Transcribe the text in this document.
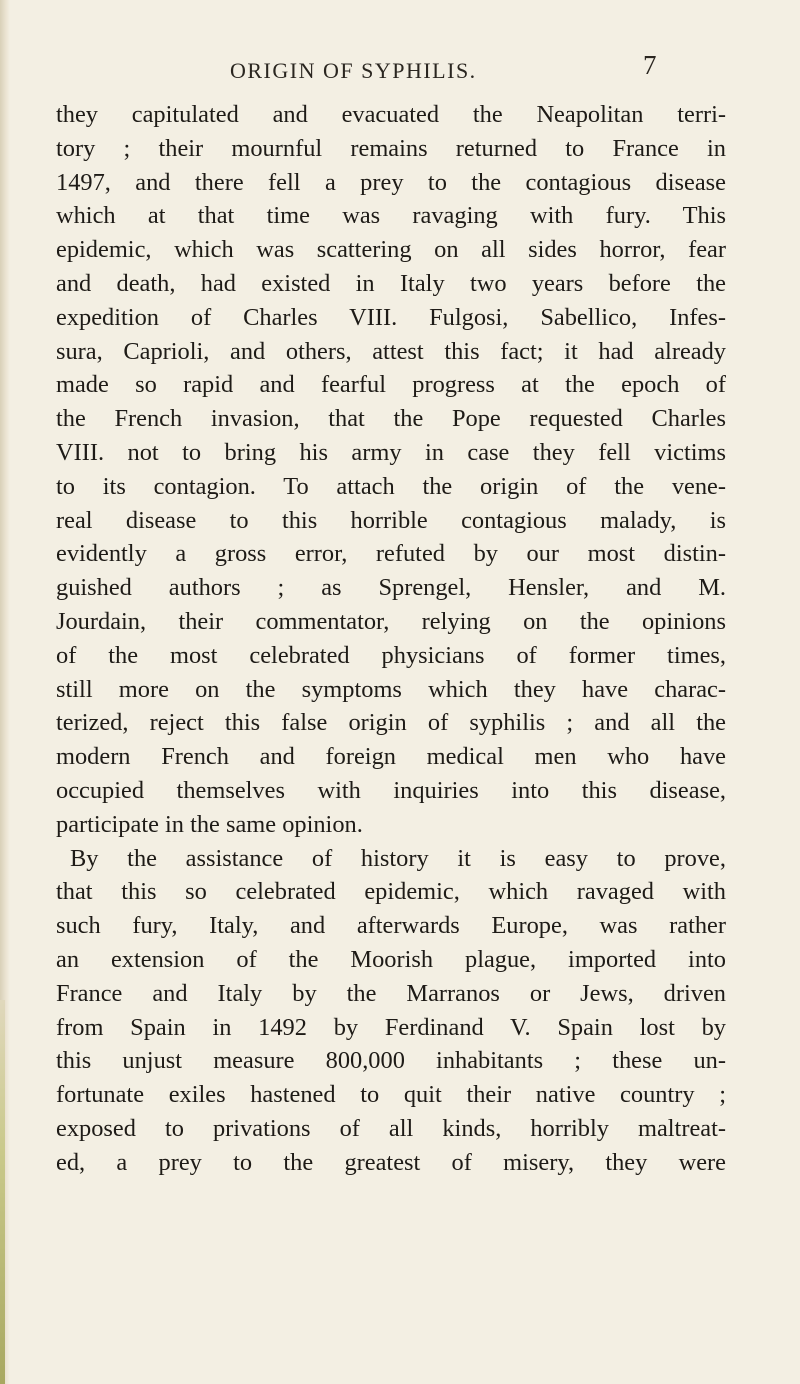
ORIGIN OF SYPHILIS.	7
they capitulated and evacuated the Neapolitan terri-
tory ; their mournful remains returned to France in
1497, and there fell a prey to the contagious disease
which at that time was ravaging with fury. This
epidemic, which was scattering on all sides horror, fear
and death, had existed in Italy two years before the
expedition of Charles VIII. Fulgosi, Sabellico, Infes-
sura, Caprioli, and others, attest this fact; it had already
made so rapid and fearful progress at the epoch of
the French invasion, that the Pope requested Charles
VIII. not to bring his army in case they fell victims
to its contagion. To attach the origin of the vene-
real disease to this horrible contagious malady, is
evidently a gross error, refuted by our most distin-
guished authors ; as Sprengel, Hensler, and M.
Jourdain, their commentator, relying on the opinions
of the most celebrated physicians of former times,
still more on the symptoms which they have charac-
terized, reject this false origin of syphilis ; and all the
modern French and foreign medical men who have
occupied themselves with inquiries into this disease,
participate in the same opinion.
By the assistance of history it is easy to prove,
that this so celebrated epidemic, which ravaged with
such fury, Italy, and afterwards Europe, was rather
an extension of the Moorish plague, imported into
France and Italy by the Marranos or Jews, driven
from Spain in 1492 by Ferdinand V. Spain lost by
this unjust measure 800,000 inhabitants ; these un-
fortunate exiles hastened to quit their native country ;
exposed to privations of all kinds, horribly maltreat-
ed, a prey to the greatest of misery, they were
